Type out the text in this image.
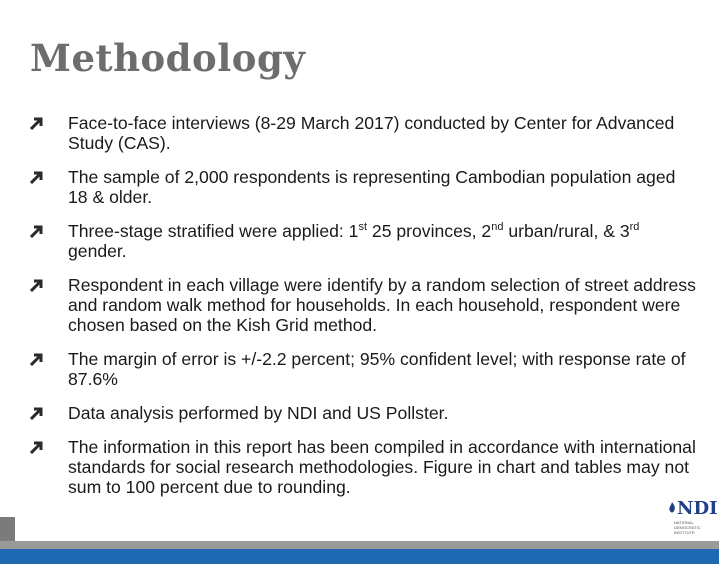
Methodology
Face-to-face interviews (8-29 March 2017) conducted by Center for Advanced Study (CAS).
The sample of 2,000 respondents is representing Cambodian population aged 18 & older.
Three-stage stratified were applied: 1st 25 provinces, 2nd urban/rural, & 3rd gender.
Respondent in each village were identify by a random selection of street address and random walk method for households. In each household, respondent were chosen based on the Kish Grid method.
The margin of error is +/-2.2 percent; 95% confident level; with response rate of 87.6%
Data analysis performed by NDI and US Pollster.
The information in this report has been compiled in accordance with international standards for social research methodologies. Figure in chart and tables may not sum to 100 percent due to rounding.
NDI
NATIONAL DEMOCRATIC INSTITUTE
